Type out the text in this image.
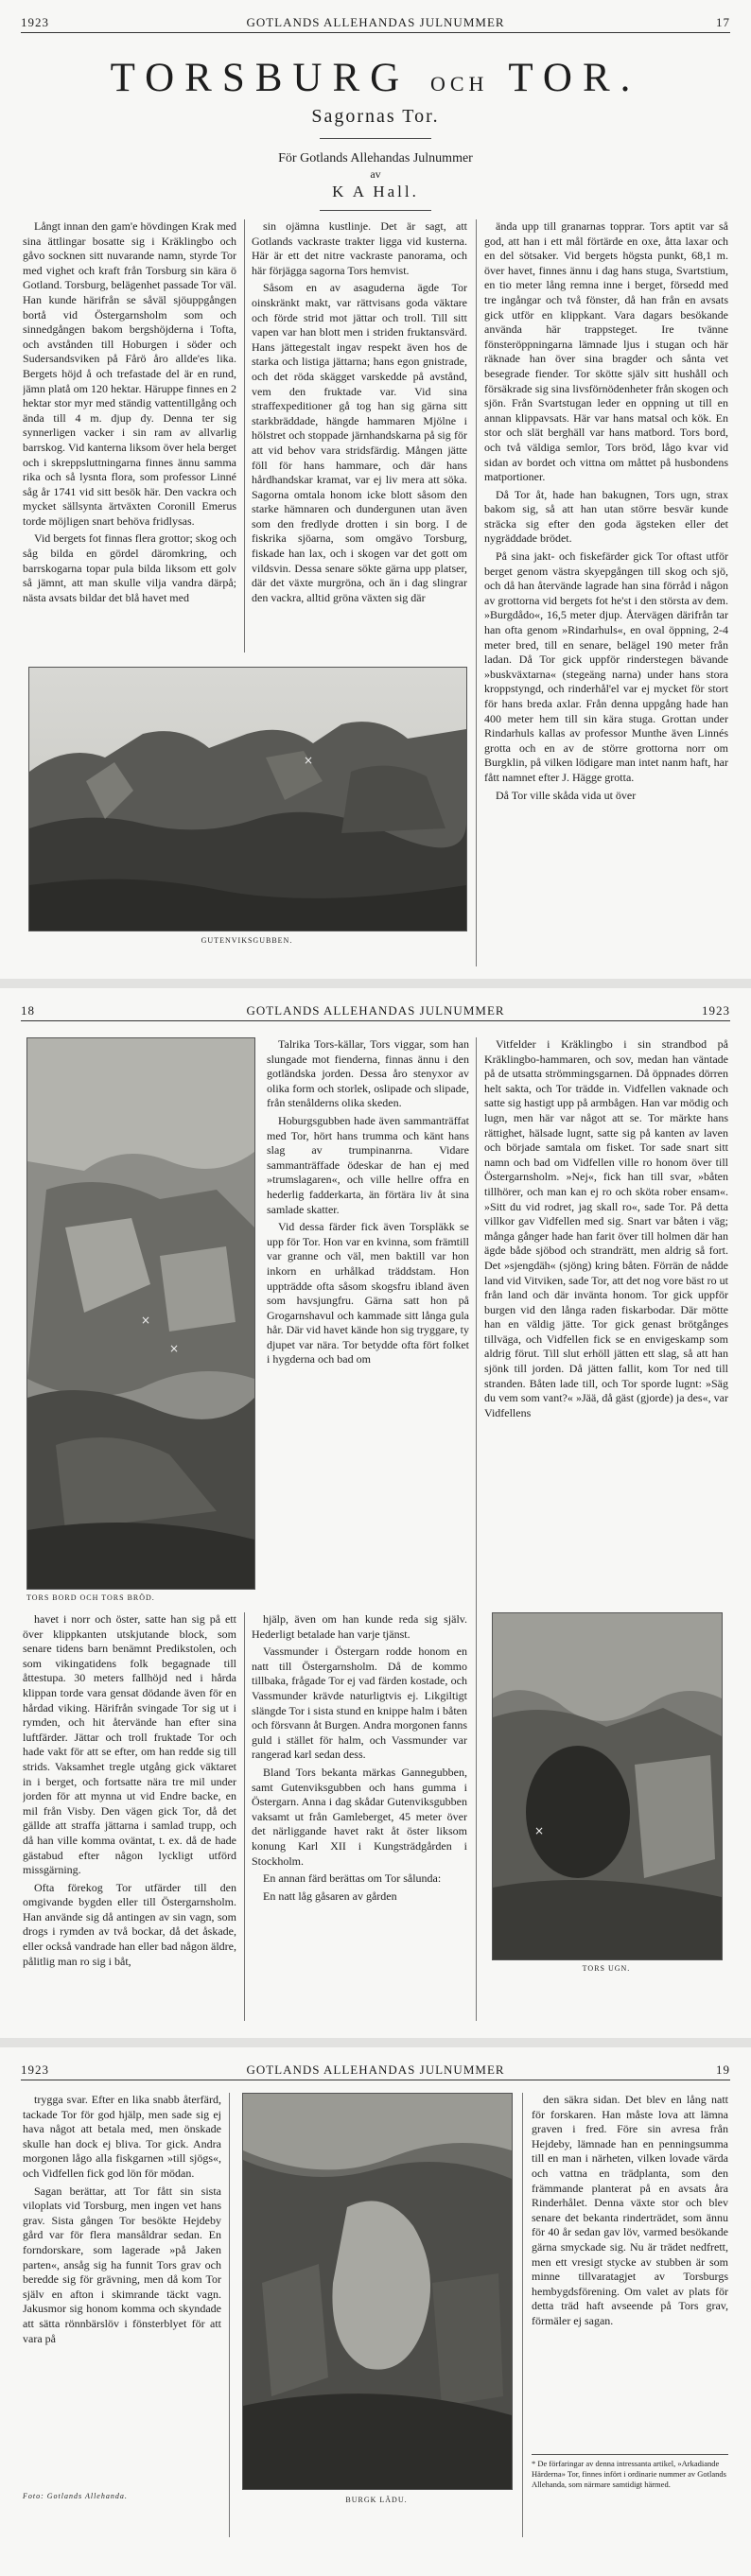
1923	GOTLANDS ALLEHANDAS JULNUMMER	17
TORSBURG OCH TOR.
Sagornas Tor.
För Gotlands Allehandas Julnummer
av
K A Hall.

Långt innan den gam'e hövdingen Krak med sina ättlingar bosatte sig i Kräklingbo och gåvo socknen sitt nuvarande namn, styrde Tor med vighet och kraft från Torsburg sin kära ö Gotland. Torsburg, belägenhet passade Tor väl. Han kunde härifrån se såväl sjöuppgången bortå vid Östergarnsholm som och sinnedgången bakom bergshöjderna i Tofta, och avstånden till Hoburgen i söder och Sudersandsviken på Fårö åro allde'es lika. Bergets höjd å och trefastade del är en rund, jämn platå om 120 hektar. Häruppe finnes en 2 hektar stor myr med ständig vattentillgång och ända till 4 m. djup dy. Denna ter sig synnerligen vacker i sin ram av allvarlig barrskog. Vid kanterna liksom över hela berget och i skreppsluttningarna finnes ännu samma rika och så lysnta flora, som professor Linné såg år 1741 vid sitt besök här. Den vackra och mycket sällsynta ärtväxten Coronill Emerus torde möjligen snart behöva fridlysas.

Vid bergets fot finnas flera grottor; skog och såg bilda en gördel däromkring, och barrskogarna topar pula bilda liksom ett golv så jämnt, att man skulle vilja vandra därpå; nästa avsats bildar det blå havet med

sin ojämna kustlinje. Det är sagt, att Gotlands vackraste trakter ligga vid kusterna. Här är ett det nitre vackraste panorama, och här förjägga sagorna Tors hemvist.

Såsom en av asaguderna ägde Tor oinskränkt makt, var rättvisans goda väktare och förde strid mot jättar och troll. Till sitt vapen var han blott men i striden fruktansvärd. Hans jättegestalt ingav respekt även hos de starka och listiga jättarna; hans egon gnistrade, och det röda skägget varskedde på avstånd, vem den fruktade var. Vid sina straffexpeditioner gå tog han sig gärna sitt starkbräddade, hängde hammaren Mjölne i hölstret och stoppade järnhandskarna på sig för att vid behov vara stridsfärdig. Mången jätte föll för hans hammare, och där hans hårdhandskar kramat, var ej liv mera att söka. Sagorna omtala honom icke blott såsom den starke hämnaren och dundergunen utan även som den fredlyde drotten i sin borg. I de fiskrika sjöarna, som omgävo Torsburg, fiskade han lax, och i skogen var det gott om vildsvin. Dessa senare sökte gärna upp platser, där det växte murgröna, och än i dag slingrar den vackra, alltid gröna växten sig där

ända upp till granarnas topprar. Tors aptit var så god, att han i ett mål förtärde en oxe, åtta laxar och en del sötsaker. Vid bergets högsta punkt, 68,1 m. över havet, finnes ännu i dag hans stuga, Svartstium, en tio meter lång remna inne i berget, försedd med tre ingångar och två fönster, då han från en avsats gick utför en klippkant. Vara dagars besökande använda här trappsteget. Ire tvänne fönsteröppningarna lämnade ljus i stugan och här räknade han över sina bragder och sånta vet besegrade fiender. Tor skötte själv sitt hushåll och försäkrade sig sina livsförnödenheter från skogen och sjön. Från Svartstugan leder en oppning ut till en annan klippavsats. Här var hans matsal och kök. En stor och slät berghäll var hans matbord. Tors bord, och två väldiga semlor, Tors bröd, lågo kvar vid sidan av bordet och vittna om måttet på husbondens matportioner.

Då Tor åt, hade han bakugnen, Tors ugn, strax bakom sig, så att han utan större besvär kunde sträcka sig efter den goda ägsteken eller det nygräddade brödet.

På sina jakt- och fiskefärder gick Tor oftast utför berget genom västra skyepgången till skog och sjö, och då han återvände lagrade han sina förråd i någon av grottorna vid bergets fot he'st i den största av dem. »Burgdådo«, 16,5 meter djup. Återvägen därifrån tar han ofta genom »Rindarhuls«, en oval öppning, 2-4 meter bred, till en senare, belägel 190 meter från ladan. Då Tor gick uppför rinderstegen bävande »buskväxtarna« (stegeäng narna) under hans stora kroppstyngd, och rinderhål'el var ej mycket för stort för hans breda axlar. Från denna uppgång hade han 400 meter hem till sin kära stuga. Grottan under Rindarhuls kallas av professor Munthe även Linnés grotta och en av de större grottorna norr om Burgklin, på vilken lödigare man intet nanm haft, har fått namnet efter J. Hägge grotta.

Då Tor ville skåda vida ut över

×
GUTENVIKSGUBBEN.
18	GOTLANDS ALLEHANDAS JULNUMMER	1923
×
×
TORS BORD OCH TORS BRÖD.

Talrika Tors-källar, Tors viggar, som han slungade mot fienderna, finnas ännu i den gotländska jorden. Dessa åro stenyxor av olika form och storlek, oslipade och slipade, från stenålderns olika skeden.

Hoburgsgubben hade även sammanträffat med Tor, hört hans trumma och känt hans slag av trumpinanrna. Vidare sammanträffade ödeskar de han ej med »trumslagaren«, och ville hellre offra en hederlig fadderkarta, än förtära liv åt sina samlade skatter.

Vid dessa färder fick även Torspläkk se upp för Tor. Hon var en kvinna, som främtill var granne och väl, men baktill var hon inkorn en urhålkad träddstam. Hon uppträdde ofta såsom skogsfru ibland även som havsjungfru. Gärna satt hon på Grogarnshavul och kammade sitt långa gula hår. Där vid havet kände hon sig tryggare, ty djupet var nära. Tor betydde ofta fört folket i hygderna och bad om

Vitfelder i Kräklingbo i sin strandbod på Kräklingbo-hammaren, och sov, medan han väntade på de utsatta strömmingsgarnen. Då öppnades dörren helt sakta, och Tor trädde in. Vidfellen vaknade och satte sig hastigt upp på armbågen. Han var mödig och lugn, men här var något att se. Tor märkte hans rättighet, hälsade lugnt, satte sig på kanten av laven och började samtala om fisket. Tor sade snart sitt namn och bad om Vidfellen ville ro honom över till Östergarnsholm. »Nej«, fick han till svar, »båten tillhörer, och man kan ej ro och sköta rober ensam«. »Sitt du vid rodret, jag skall ro«, sade Tor. På detta villkor gav Vidfellen med sig. Snart var båten i väg; många gånger hade han farit över till holmen där han ägde både sjöbod och strandrätt, men aldrig så fort. Det »sjengdäh« (sjöng) kring båten. Förrän de nådde land vid Vitviken, sade Tor, att det nog vore bäst ro ut från land och där invänta honom. Tor gick uppför burgen vid den långa raden fiskarbodar. Där mötte han en väldig jätte. Tor gick genast brötgånges tillväga, och Vidfellen fick se en envigeskamp som aldrig förut. Till slut erhöll jätten ett slag, så att han sjönk till jorden. Då jätten fallit, kom Tor ned till stranden. Båten lade till, och Tor sporde lugnt: »Säg du vem som vant?« »Jää, då gäst (gjorde) ja des«, var Vidfellens

havet i norr och öster, satte han sig på ett över klippkanten utskjutande block, som senare tidens barn benämnt Predikstolen, och som vikingatidens folk begagnade till åttestupa. 30 meters fallhöjd ned i hårda klippan torde vara gensat dödande även för en hårdad viking. Härifrån svingade Tor sig ut i rymden, och hit återvände han efter sina luftfärder. Jättar och troll fruktade Tor och hade vakt för att se efter, om han redde sig till strids. Vaksamhet tregle utgång gick väktaret in i berget, och fortsatte nära tre mil under jorden för att mynna ut vid Endre backe, en mil från Visby. Den vägen gick Tor, då det gällde att straffa jättarna i samlad trupp, och då han ville komma oväntat, t. ex. då de hade gästabud efter någon lyckligt utförd missgärning.

Ofta förekog Tor utfärder till den omgivande bygden eller till Östergarnsholm. Han använde sig då antingen av sin vagn, som drogs i rymden av två bockar, då det åskade, eller också vandrade han eller bad någon äldre, pålitlig man ro sig i båt,

hjälp, även om han kunde reda sig själv. Hederligt betalade han varje tjänst.

Vassmunder i Östergarn rodde honom en natt till Östergarnsholm. Då de kommo tillbaka, frågade Tor ej vad färden kostade, och Vassmunder krävde naturligtvis ej. Likgiltigt slängde Tor i sista stund en knippe halm i båten och försvann åt Burgen. Andra morgonen fanns guld i stället för halm, och Vassmunder var rangerad karl sedan dess.

Bland Tors bekanta märkas Gannegubben, samt Gutenviksgubben och hans gumma i Östergarn. Anna i dag skådar Gutenviksgubben vaksamt ut från Gamleberget, 45 meter över det närliggande havet rakt åt öster liksom konung Karl XII i Kungsträdgården i Stockholm.

En annan färd berättas om Tor sålunda:

En natt låg gåsaren av gården

×
TORS UGN.
1923	GOTLANDS ALLEHANDAS JULNUMMER	19

trygga svar. Efter en lika snabb återfärd, tackade Tor för god hjälp, men sade sig ej hava något att betala med, men önskade skulle han dock ej bliva. Tor gick. Andra morgonen lågo alla fiskgarnen »till sjögs«, och Vidfellen fick god lön för mödan.

Sagan berättar, att Tor fått sin sista viloplats vid Torsburg, men ingen vet hans grav. Sista gången Tor besökte Hejdeby gård var för flera mansåldrar sedan. En forndorskare, som lagerade »på Jaken parten«, ansåg sig ha funnit Tors grav och beredde sig för grävning, men då kom Tor själv en afton i skimrande täckt vagn. Jakusmor sig honom komma och skyndade att sätta rönnbärslöv i fönsterblyet för att vara på

BURGK LÄDU.
Foto: Gotlands Allehanda.

den säkra sidan. Det blev en lång natt för forskaren. Han måste lova att lämna graven i fred. Före sin avresa från Hejdeby, lämnade han en penningsumma till en man i närheten, vilken lovade värda och vattna en trädplanta, som den främmande planterat på en avsats åra Rinderhålet. Denna växte stor och blev senare det bekanta rinderträdet, som ännu för 40 år sedan gav löv, varmed besökande gärna smyckade sig. Nu är trädet nedfrett, men ett vresigt stycke av stubben är som minne tillvaratagjet av Torsburgs hembygdsförening. Om valet av plats för detta träd haft avseende på Tors grav, förmäler ej sagan.

* De förfaringar av denna intressanta artikel, »Arkadiande Härderna» Tor, finnes infört i ordinarie nummer av Gotlands Allehanda, som närmare samtidigt härmed.
